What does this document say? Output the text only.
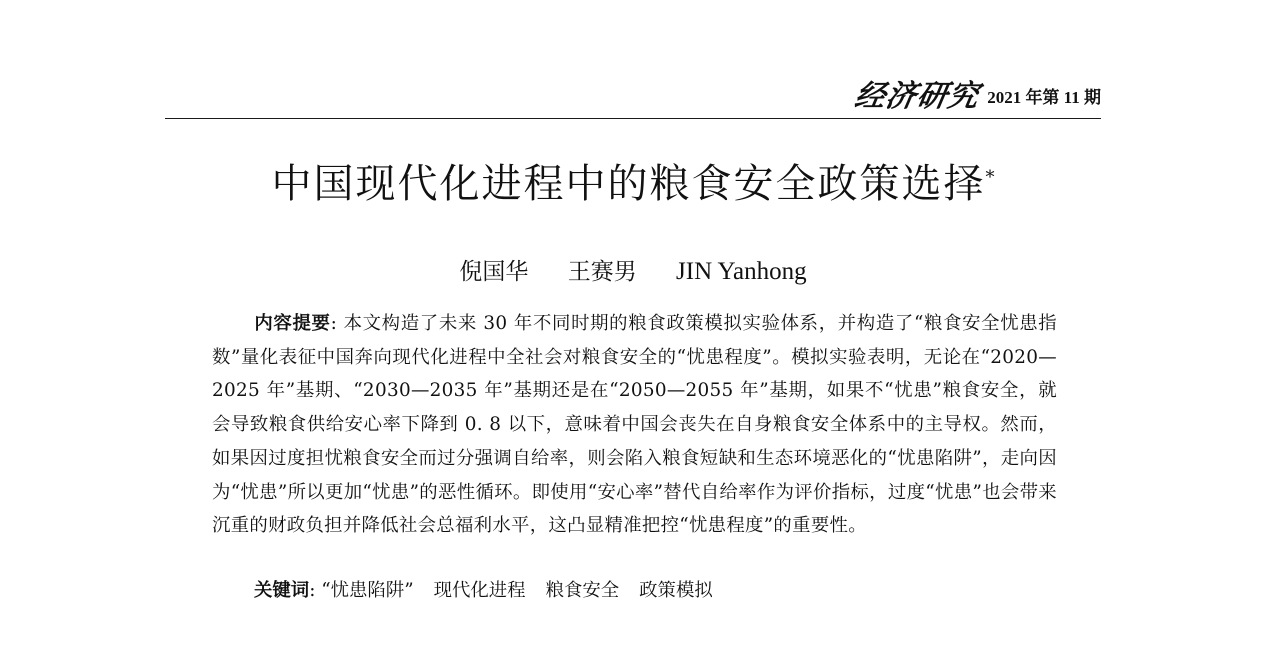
经济研究 2021 年第 11 期
中国现代化进程中的粮食安全政策选择*
倪国华 王赛男 JIN Yanhong
内容提要: 本文构造了未来 30 年不同时期的粮食政策模拟实验体系，并构造了“粮食安全忧患指数”量化表征中国奔向现代化进程中全社会对粮食安全的“忧患程度”。模拟实验表明，无论在“2020—2025 年”基期、“2030—2035 年”基期还是在“2050—2055 年”基期，如果不“忧患”粮食安全，就会导致粮食供给安心率下降到 0. 8 以下，意味着中国会丧失在自身粮食安全体系中的主导权。然而，如果因过度担忧粮食安全而过分强调自给率，则会陷入粮食短缺和生态环境恶化的“忧患陷阱”，走向因为“忧患”所以更加“忧患”的恶性循环。即使用“安心率”替代自给率作为评价指标，过度“忧患”也会带来沉重的财政负担并降低社会总福利水平，这凸显精准把控“忧患程度”的重要性。
关键词: “忧患陷阱” 现代化进程 粮食安全 政策模拟
